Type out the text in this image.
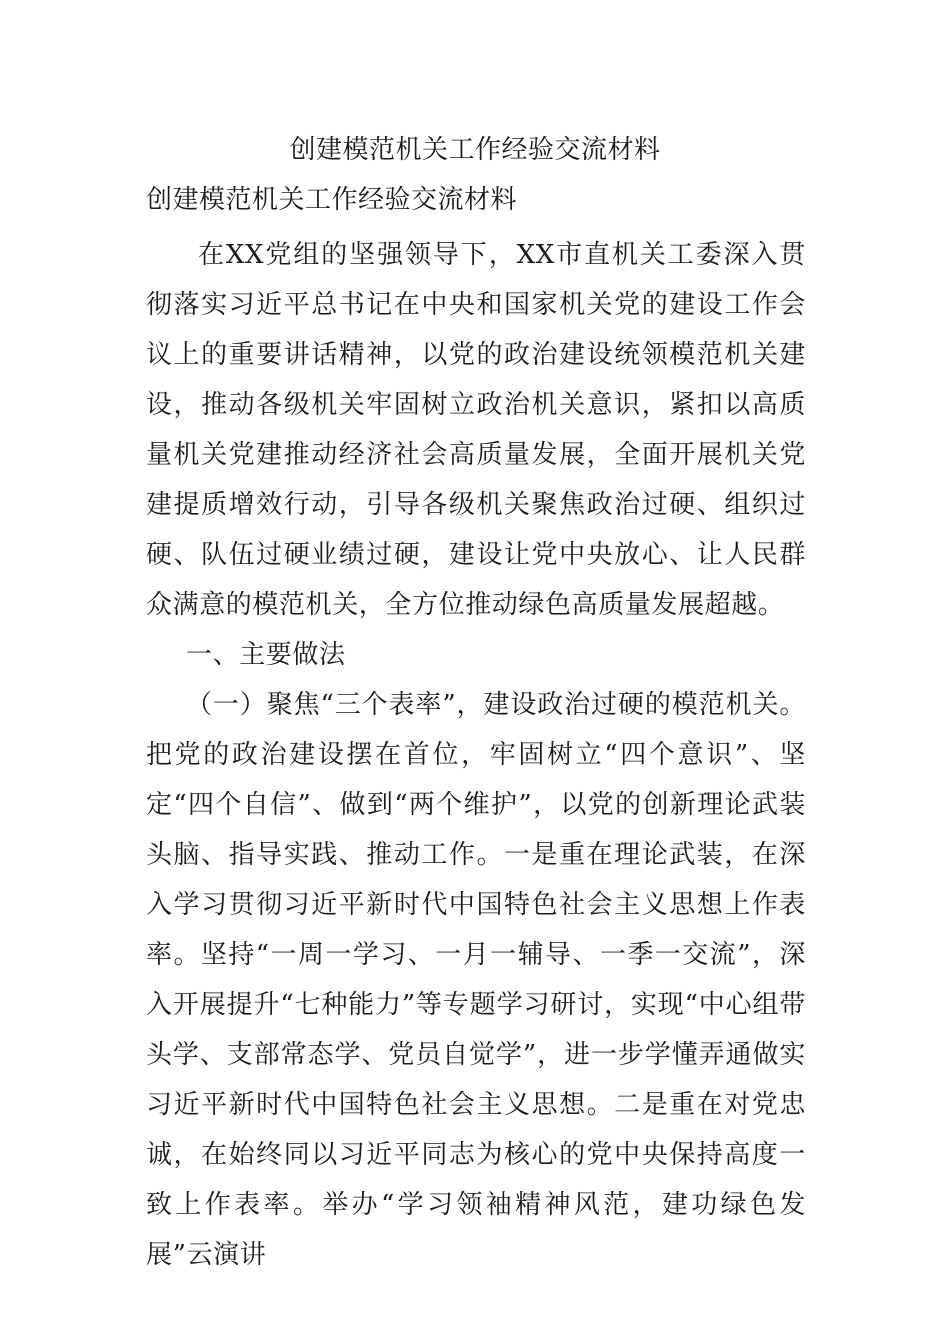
创建模范机关工作经验交流材料
创建模范机关工作经验交流材料

在XX党组的坚强领导下，XX市直机关工委深入贯彻落实习近平总书记在中央和国家机关党的建设工作会议上的重要讲话精神，以党的政治建设统领模范机关建设，推动各级机关牢固树立政治机关意识，紧扣以高质量机关党建推动经济社会高质量发展，全面开展机关党建提质增效行动，引导各级机关聚焦政治过硬、组织过硬、队伍过硬业绩过硬，建设让党中央放心、让人民群众满意的模范机关，全方位推动绿色高质量发展超越。

一、主要做法

（一）聚焦“三个表率”，建设政治过硬的模范机关。把党的政治建设摆在首位，牢固树立“四个意识”、坚定“四个自信”、做到“两个维护”，以党的创新理论武装头脑、指导实践、推动工作。一是重在理论武装，在深入学习贯彻习近平新时代中国特色社会主义思想上作表率。坚持“一周一学习、一月一辅导、一季一交流”，深入开展提升“七种能力”等专题学习研讨，实现“中心组带头学、支部常态学、党员自觉学”，进一步学懂弄通做实习近平新时代中国特色社会主义思想。二是重在对党忠诚，在始终同以习近平同志为核心的党中央保持高度一致上作表率。举办“学习领袖精神风范，建功绿色发展”云演讲
